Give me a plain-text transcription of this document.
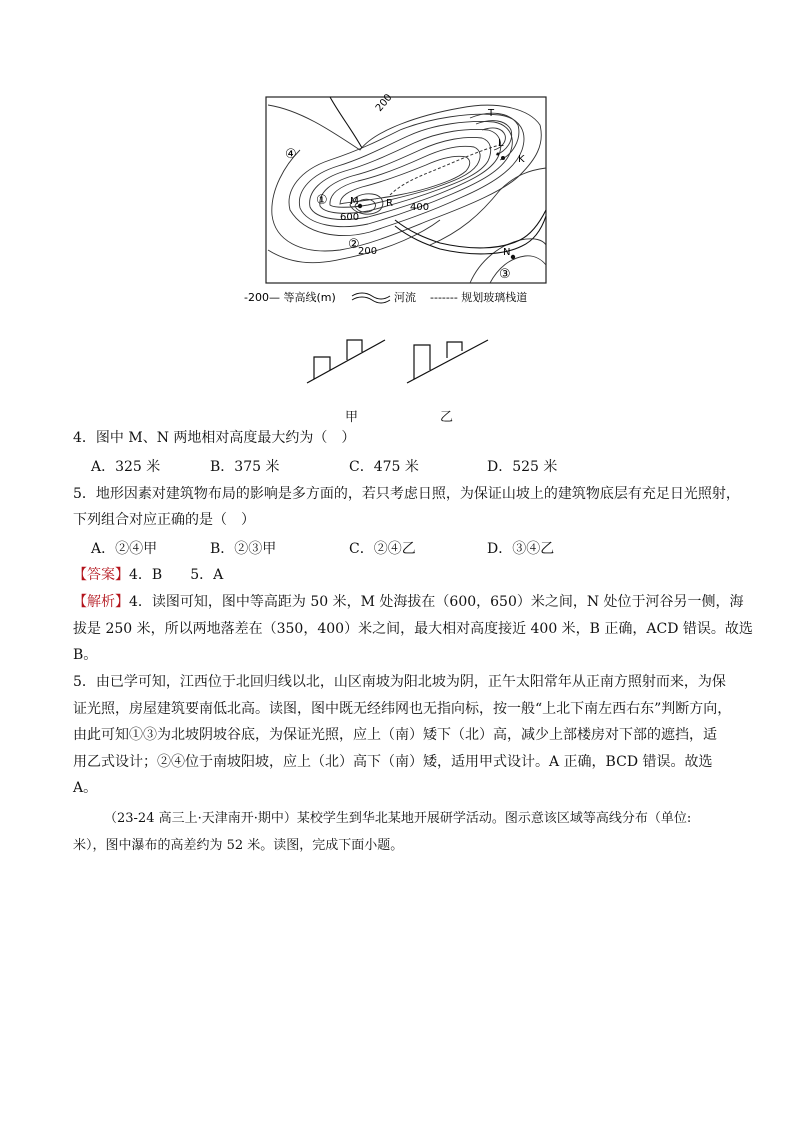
200
600
400
200
T
L
K
M	R
N
①
②
③
④
-200— 等高线(m)	河流 ------- 规划玻璃栈道
甲	乙
4．图中 M、N 两地相对高度最大约为（　）
A．325 米	B．375 米	C．475 米	D．525 米
5．地形因素对建筑物布局的影响是多方面的，若只考虑日照，为保证山坡上的建筑物底层有充足日光照射，
下列组合对应正确的是（　）
A．②④甲	B．②③甲	C．②④乙	D．③④乙
【答案】4．B　　5．A
【解析】4．读图可知，图中等高距为 50 米，M 处海拔在（600，650）米之间，N 处位于河谷另一侧，海
拔是 250 米，所以两地落差在（350，400）米之间，最大相对高度接近 400 米，B 正确，ACD 错误。故选
B。
5．由已学可知，江西位于北回归线以北，山区南坡为阳北坡为阴，正午太阳常年从正南方照射而来，为保
证光照，房屋建筑要南低北高。读图，图中既无经纬网也无指向标，按一般“上北下南左西右东”判断方向，
由此可知①③为北坡阴坡谷底，为保证光照，应上（南）矮下（北）高，减少上部楼房对下部的遮挡，适
用乙式设计；②④位于南坡阳坡，应上（北）高下（南）矮，适用甲式设计。A 正确，BCD 错误。故选
A。
（23-24 高三上·天津南开·期中）某校学生到华北某地开展研学活动。图示意该区域等高线分布（单位:
米），图中瀑布的高差约为 52 米。读图，完成下面小题。
